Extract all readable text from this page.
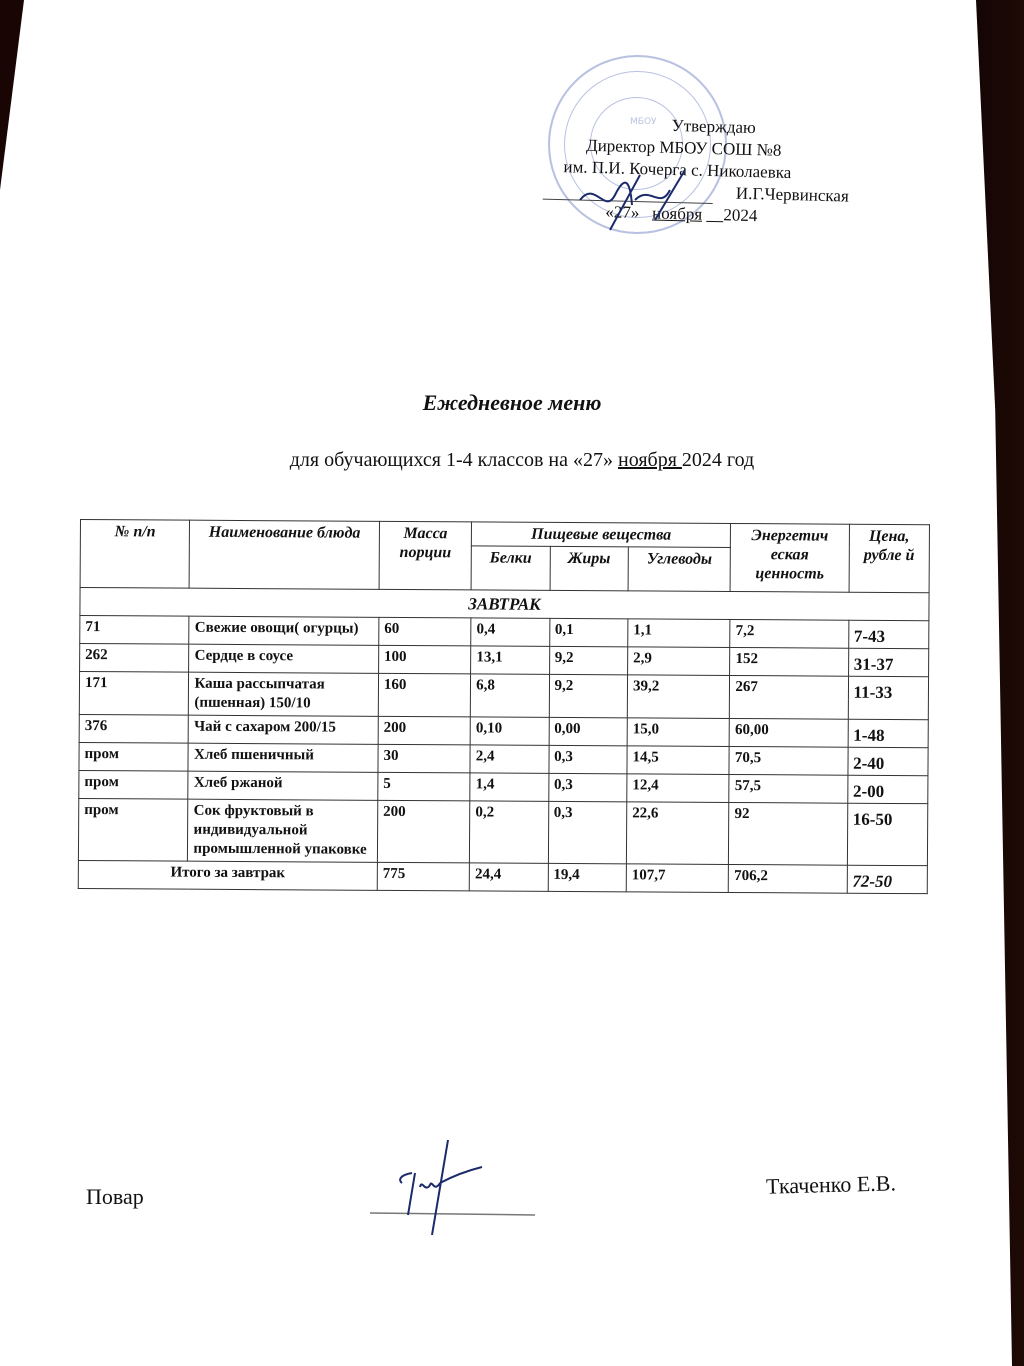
МБОУ Утверждаю
Директор МБОУ СОШ №8
им. П.И. Кочерга с. Николаевка
И.Г.Червинская
«27» ноября 2024
Ежедневное меню
для обучающихся 1-4 классов на «27» ноября 2024 год
№ п/п	Наименование блюда	Масса порции	Пищевые вещества			Энергетич еская ценность	Цена, рубле й
			Белки	Жиры	Углеводы		
ЗАВТРАК							
71	Свежие овощи( огурцы)	60	0,4	0,1	1,1	7,2	7-43
262	Сердце в соусе	100	13,1	9,2	2,9	152	31-37
171	Каша рассыпчатая (пшенная) 150/10	160	6,8	9,2	39,2	267	11-33
376	Чай с сахаром 200/15	200	0,10	0,00	15,0	60,00	1-48
пром	Хлеб пшеничный	30	2,4	0,3	14,5	70,5	2-40
пром	Хлеб ржаной	5	1,4	0,3	12,4	57,5	2-00
пром	Сок фруктовый в индивидуальной промышленной упаковке	200	0,2	0,3	22,6	92	16-50
Итого за завтрак		775	24,4	19,4	107,7	706,2	72-50
Повар	Ткаченко Е.В.
